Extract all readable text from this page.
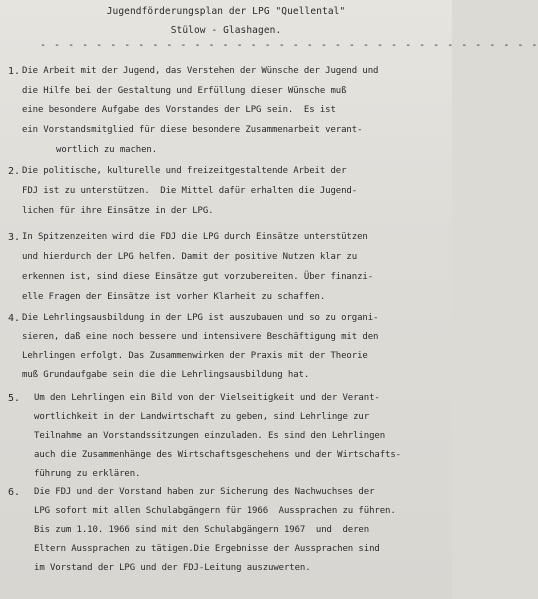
Jugendförderungsplan der LPG "Quellental"
Stülow - Glashagen.
- - - - - - - - - - - - - - - - - - - - - - - - - - - - - - - - - - - -
1. Die Arbeit mit der Jugend, das Verstehen der Wünsche der Jugend und
die Hilfe bei der Gestaltung und Erfüllung dieser Wünsche muß
eine besondere Aufgabe des Vorstandes der LPG sein.  Es ist
ein Vorstandsmitglied für diese besondere Zusammenarbeit verant-
wortlich zu machen.
2. Die politische, kulturelle und freizeitgestaltende Arbeit der
FDJ ist zu unterstützen.  Die Mittel dafür erhalten die Jugend-
lichen für ihre Einsätze in der LPG.
3. In Spitzenzeiten wird die FDJ die LPG durch Einsätze unterstützen
und hierdurch der LPG helfen. Damit der positive Nutzen klar zu
erkennen ist, sind diese Einsätze gut vorzubereiten. Über finanzi-
elle Fragen der Einsätze ist vorher Klarheit zu schaffen.
4. Die Lehrlingsausbildung in der LPG ist auszubauen und so zu organi-
sieren, daß eine noch bessere und intensivere Beschäftigung mit den
Lehrlingen erfolgt. Das Zusammenwirken der Praxis mit der Theorie
muß Grundaufgabe sein die die Lehrlingsausbildung hat.
5. Um den Lehrlingen ein Bild von der Vielseitigkeit und der Verant-
wortlichkeit in der Landwirtschaft zu geben, sind Lehrlinge zur
Teilnahme an Vorstandssitzungen einzuladen. Es sind den Lehrlingen
auch die Zusammenhänge des Wirtschaftsgeschehens und der Wirtschafts-
führung zu erklären.
6. Die FDJ und der Vorstand haben zur Sicherung des Nachwuchses der
LPG sofort mit allen Schulabgängern für 1966  Aussprachen zu führen.
Bis zum 1.10. 1966 sind mit den Schulabgängern 1967  und  deren
Eltern Aussprachen zu tätigen.Die Ergebnisse der Aussprachen sind
im Vorstand der LPG und der FDJ-Leitung auszuwerten.
